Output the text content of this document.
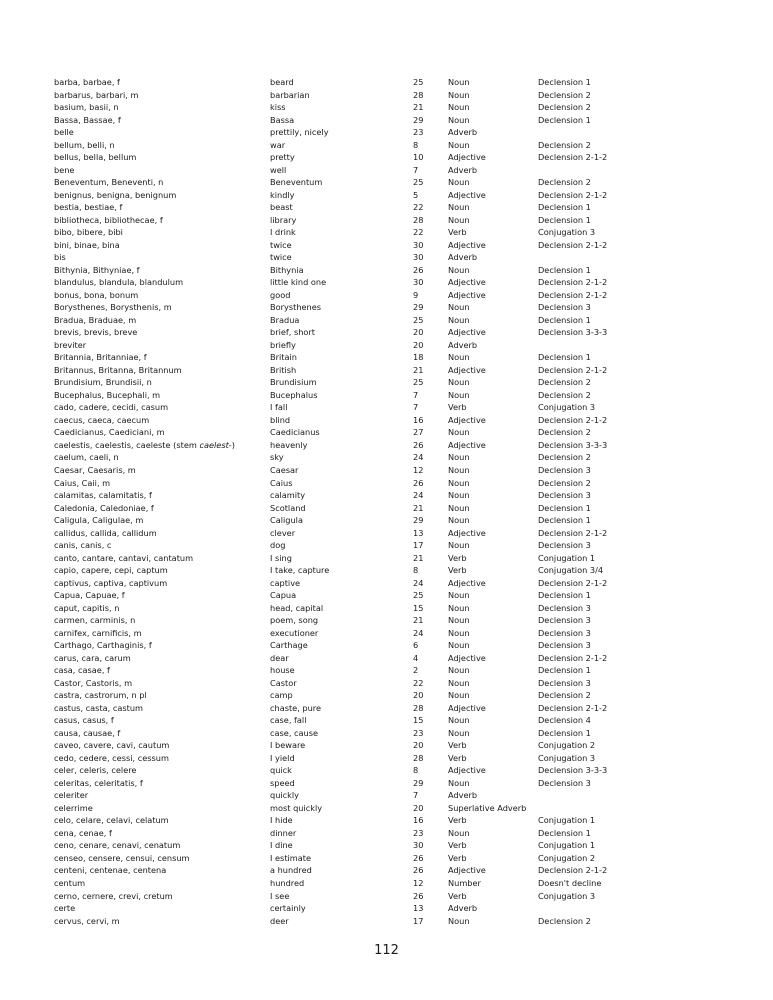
barba, barbae, f	beard	25	Noun	Declension 1
barbarus, barbari, m	barbarian	28	Noun	Declension 2
basium, basii, n	kiss	21	Noun	Declension 2
Bassa, Bassae, f	Bassa	29	Noun	Declension 1
belle	prettily, nicely	23	Adverb
bellum, belli, n	war	8	Noun	Declension 2
bellus, bella, bellum	pretty	10	Adjective	Declension 2-1-2
bene	well	7	Adverb
Beneventum, Beneventi, n	Beneventum	25	Noun	Declension 2
benignus, benigna, benignum	kindly	5	Adjective	Declension 2-1-2
bestia, bestiae, f	beast	22	Noun	Declension 1
bibliotheca, bibliothecae, f	library	28	Noun	Declension 1
bibo, bibere, bibi	I drink	22	Verb	Conjugation 3
bini, binae, bina	twice	30	Adjective	Declension 2-1-2
bis	twice	30	Adverb
Bithynia, Bithyniae, f	Bithynia	26	Noun	Declension 1
blandulus, blandula, blandulum	little kind one	30	Adjective	Declension 2-1-2
bonus, bona, bonum	good	9	Adjective	Declension 2-1-2
Borysthenes, Borysthenis, m	Borysthenes	29	Noun	Declension 3
Bradua, Braduae, m	Bradua	25	Noun	Declension 1
brevis, brevis, breve	brief, short	20	Adjective	Declension 3-3-3
breviter	briefly	20	Adverb
Britannia, Britanniae, f	Britain	18	Noun	Declension 1
Britannus, Britanna, Britannum	British	21	Adjective	Declension 2-1-2
Brundisium, Brundisii, n	Brundisium	25	Noun	Declension 2
Bucephalus, Bucephali, m	Bucephalus	7	Noun	Declension 2
cado, cadere, cecidi, casum	I fall	7	Verb	Conjugation 3
caecus, caeca, caecum	blind	16	Adjective	Declension 2-1-2
Caedicianus, Caediciani, m	Caedicianus	27	Noun	Declension 2
caelestis, caelestis, caeleste (stem caelest-)	heavenly	26	Adjective	Declension 3-3-3
caelum, caeli, n	sky	24	Noun	Declension 2
Caesar, Caesaris, m	Caesar	12	Noun	Declension 3
Caius, Caii, m	Caius	26	Noun	Declension 2
calamitas, calamitatis, f	calamity	24	Noun	Declension 3
Caledonia, Caledoniae, f	Scotland	21	Noun	Declension 1
Caligula, Caligulae, m	Caligula	29	Noun	Declension 1
callidus, callida, callidum	clever	13	Adjective	Declension 2-1-2
canis, canis, c	dog	17	Noun	Declension 3
canto, cantare, cantavi, cantatum	I sing	21	Verb	Conjugation 1
capio, capere, cepi, captum	I take, capture	8	Verb	Conjugation 3/4
captivus, captiva, captivum	captive	24	Adjective	Declension 2-1-2
Capua, Capuae, f	Capua	25	Noun	Declension 1
caput, capitis, n	head, capital	15	Noun	Declension 3
carmen, carminis, n	poem, song	21	Noun	Declension 3
carnifex, carnificis, m	executioner	24	Noun	Declension 3
Carthago, Carthaginis, f	Carthage	6	Noun	Declension 3
carus, cara, carum	dear	4	Adjective	Declension 2-1-2
casa, casae, f	house	2	Noun	Declension 1
Castor, Castoris, m	Castor	22	Noun	Declension 3
castra, castrorum, n pl	camp	20	Noun	Declension 2
castus, casta, castum	chaste, pure	28	Adjective	Declension 2-1-2
casus, casus, f	case, fall	15	Noun	Declension 4
causa, causae, f	case, cause	23	Noun	Declension 1
caveo, cavere, cavi, cautum	I beware	20	Verb	Conjugation 2
cedo, cedere, cessi, cessum	I yield	28	Verb	Conjugation 3
celer, celeris, celere	quick	8	Adjective	Declension 3-3-3
celeritas, celeritatis, f	speed	29	Noun	Declension 3
celeriter	quickly	7	Adverb
celerrime	most quickly	20	Superlative Adverb
celo, celare, celavi, celatum	I hide	16	Verb	Conjugation 1
cena, cenae, f	dinner	23	Noun	Declension 1
ceno, cenare, cenavi, cenatum	I dine	30	Verb	Conjugation 1
censeo, censere, censui, censum	I estimate	26	Verb	Conjugation 2
centeni, centenae, centena	a hundred	26	Adjective	Declension 2-1-2
centum	hundred	12	Number	Doesn't decline
cerno, cernere, crevi, cretum	I see	26	Verb	Conjugation 3
certe	certainly	13	Adverb
cervus, cervi, m	deer	17	Noun	Declension 2
112
